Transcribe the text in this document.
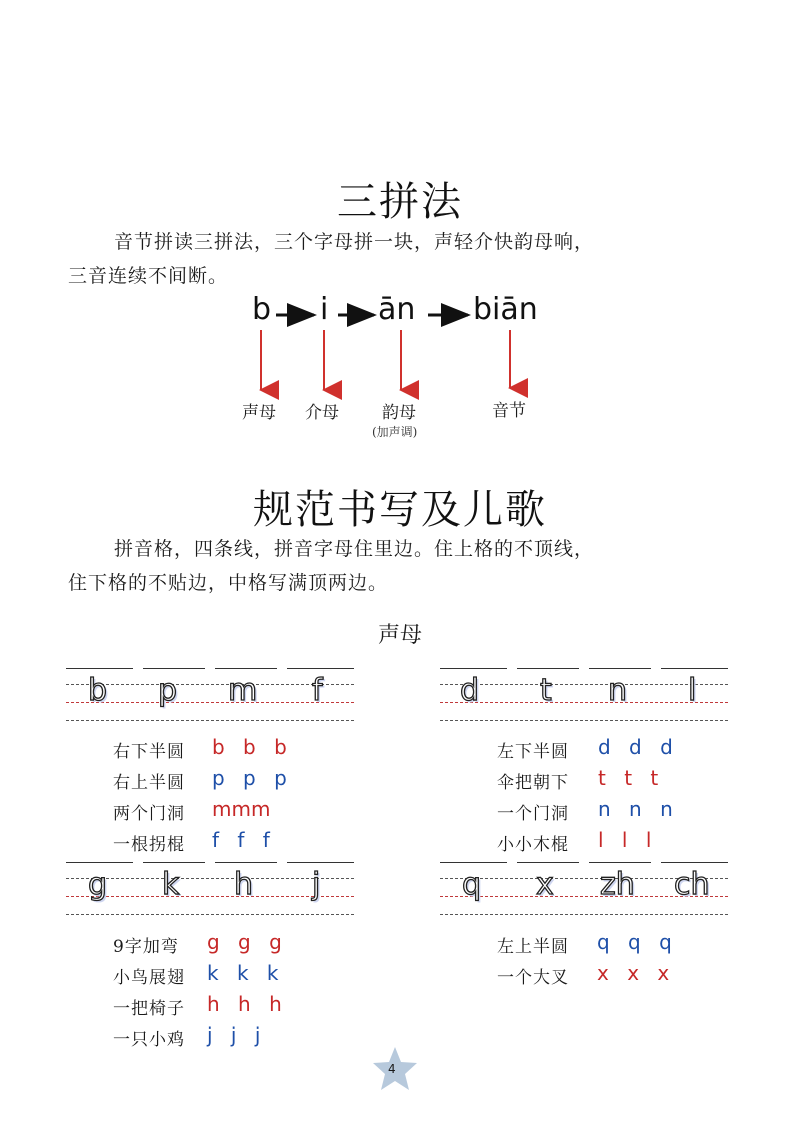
三拼法
音节拼读三拼法，三个字母拼一块，声轻介快韵母响，
三音连续不间断。
b i ān biān
声母 介母	韵母	音节
(加声调)
规范书写及儿歌
拼音格，四条线，拼音字母住里边。住上格的不顶线，
住下格的不贴边，中格写满顶两边。
声母
b p m f
右下半圆 b b b
右上半圆 p p p
两个门洞 mmm
一根拐棍 f f f
d t n l
左下半圆 d d d
伞把朝下 t t t
一个门洞 n n n
小小木棍 l l l
g k h j
9字加弯 g g g
小鸟展翅 k k k
一把椅子 h h h
一只小鸡 j j j
q x zh ch
左上半圆 q q q
一个大叉 x x x
4
